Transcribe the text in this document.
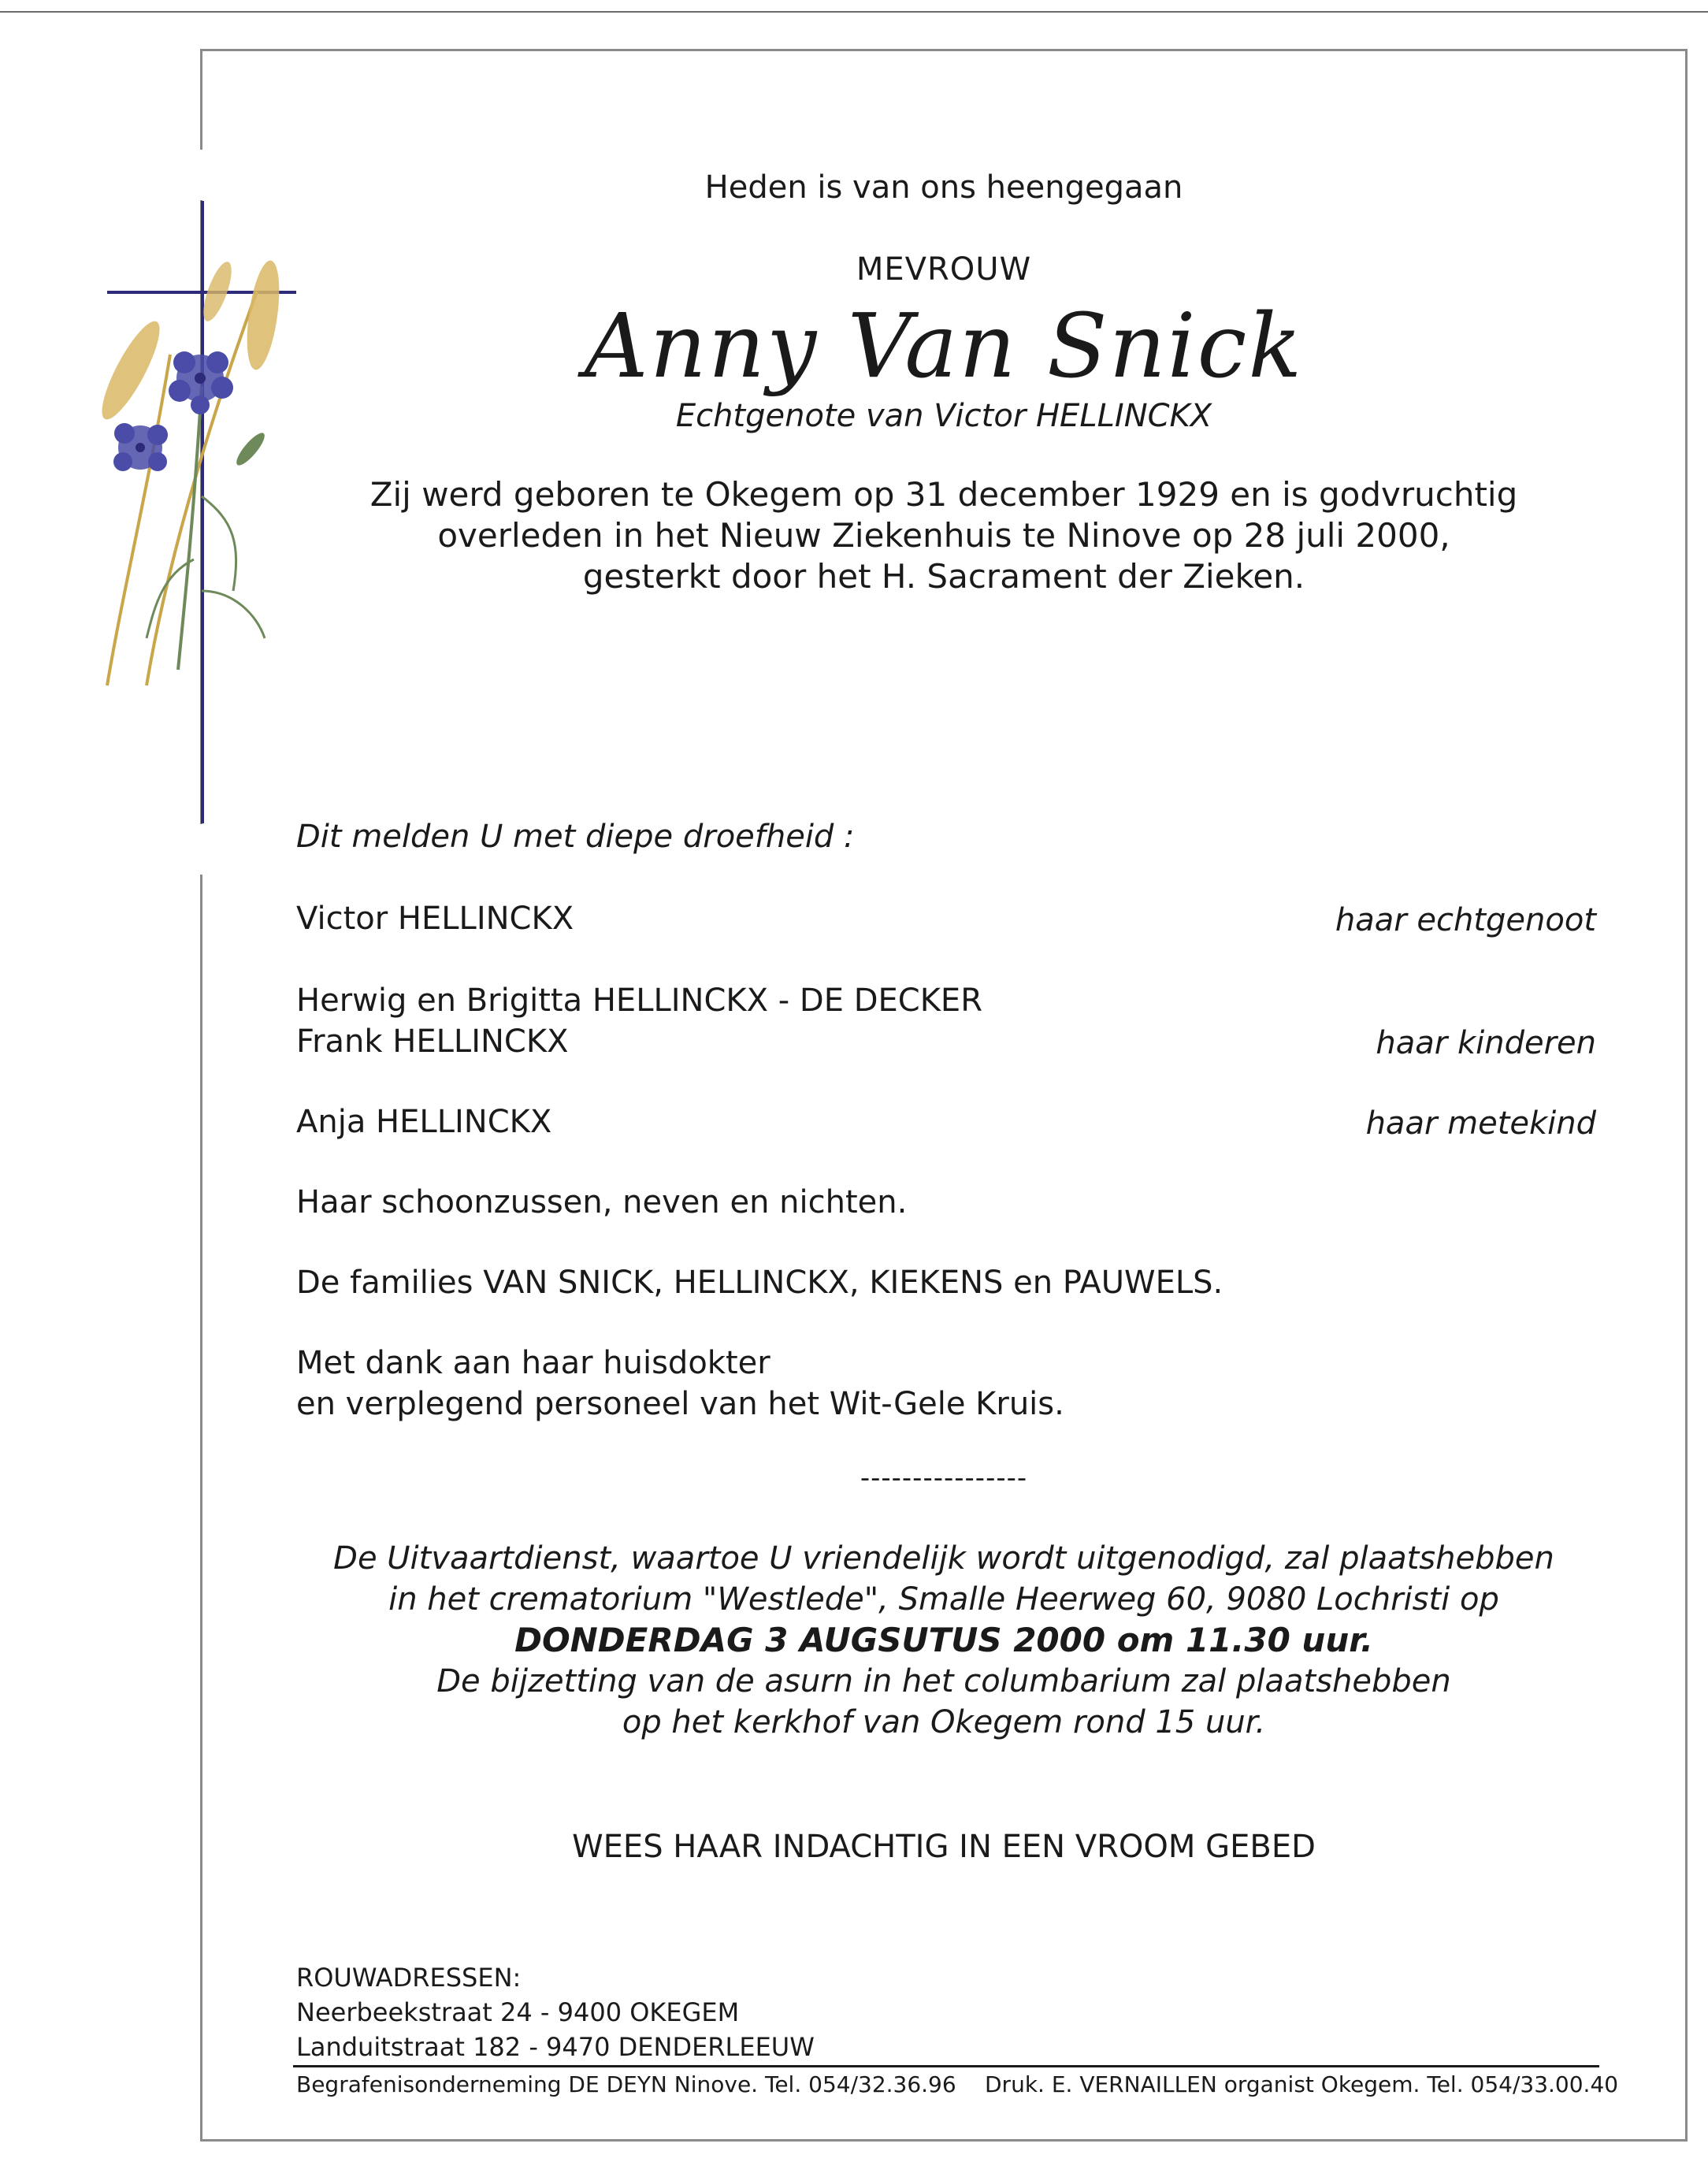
Heden is van ons heengegaan
MEVROUW
Anny Van Snick
Echtgenote van Victor HELLINCKX
Zij werd geboren te Okegem op 31 december 1929 en is godvruchtig
overleden in het Nieuw Ziekenhuis te Ninove op 28 juli 2000,
gesterkt door het H. Sacrament der Zieken.
Dit melden U met diepe droefheid :
Victor HELLINCKX	haar echtgenoot
Herwig en Brigitta HELLINCKX - DE DECKER
Frank HELLINCKX	haar kinderen
Anja HELLINCKX	haar metekind
Haar schoonzussen, neven en nichten.
De families VAN SNICK, HELLINCKX, KIEKENS en PAUWELS.
Met dank aan haar huisdokter
en verplegend personeel van het Wit-Gele Kruis.
----------------
De Uitvaartdienst, waartoe U vriendelijk wordt uitgenodigd, zal plaatshebben
in het crematorium "Westlede", Smalle Heerweg 60, 9080 Lochristi op
DONDERDAG 3 AUGSUTUS 2000 om 11.30 uur.
De bijzetting van de asurn in het columbarium zal plaatshebben
op het kerkhof van Okegem rond 15 uur.
WEES HAAR INDACHTIG IN EEN VROOM GEBED
ROUWADRESSEN:
Neerbeekstraat 24 - 9400 OKEGEM
Landuitstraat 182 - 9470 DENDERLEEUW
Begrafenisonderneming DE DEYN Ninove. Tel. 054/32.36.96 Druk. E. VERNAILLEN organist Okegem. Tel. 054/33.00.40
